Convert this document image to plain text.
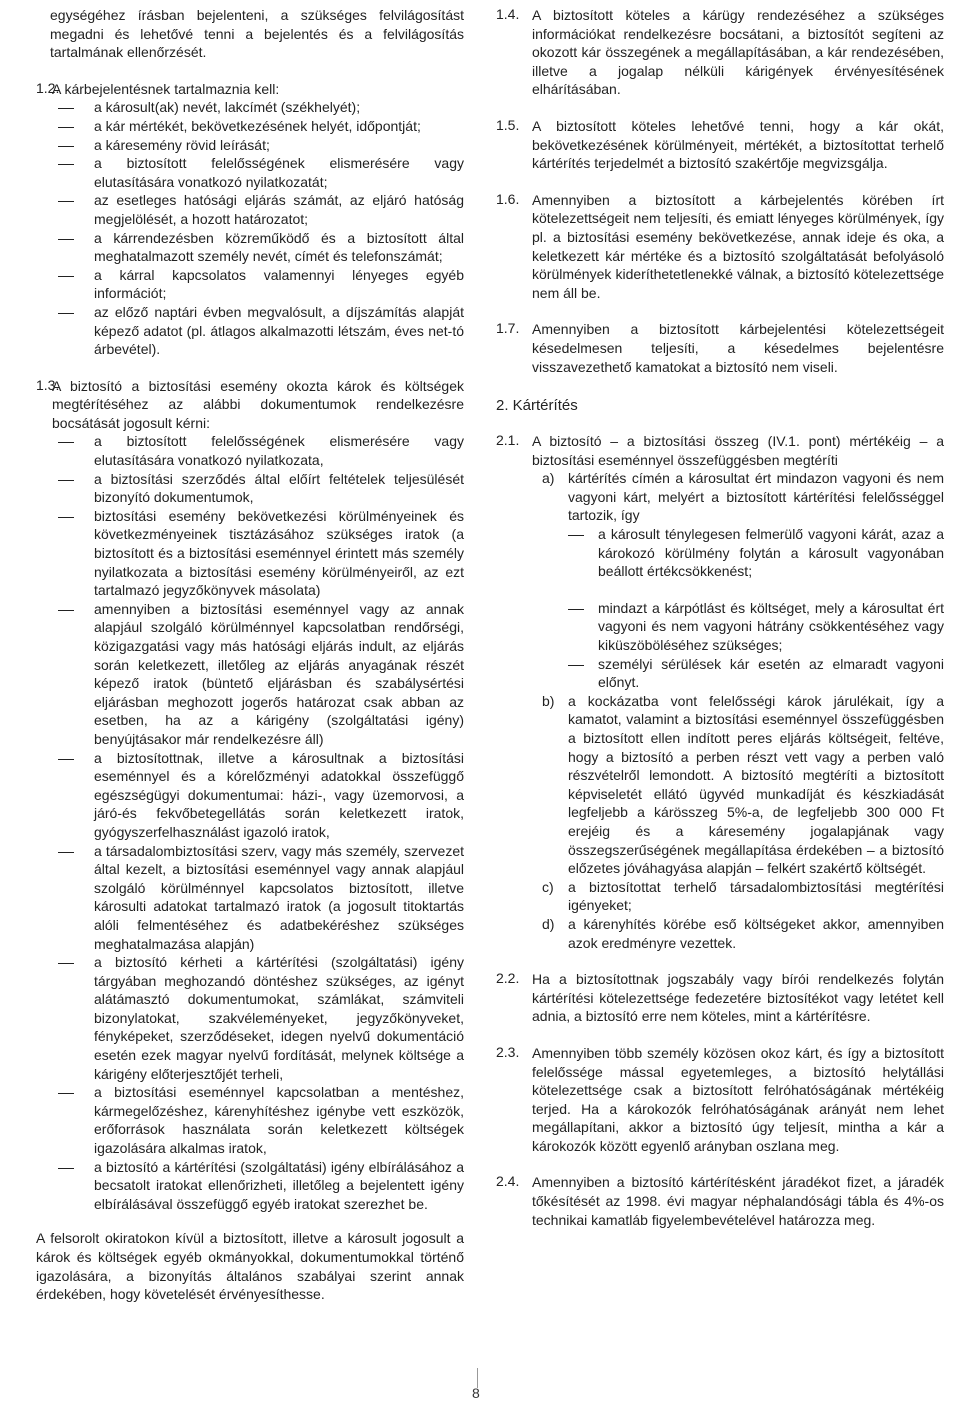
egységéhez írásban bejelenteni, a szükséges felvilágosítást megadni és lehetővé tenni a bejelentés és a felvilágosítás tartalmának ellenőrzését.

1.2.

A kárbejelentésnek tartalmaznia kell:

a károsult(ak) nevét, lakcímét (székhelyét);
a kár mértékét, bekövetkezésének helyét, időpontját;
a káresemény rövid leírását;
a biztosított felelősségének elismerésére vagy elutasítására vonatkozó nyilatkozatát;
az esetleges hatósági eljárás számát, az eljáró hatóság megjelölését, a hozott határozatot;
a kárrendezésben közreműködő és a biztosított által meghatalmazott személy nevét, címét és telefonszámát;
a kárral kapcsolatos valamennyi lényeges egyéb információt;
az előző naptári évben megvalósult, a díjszámítás alapját képező adatot (pl. átlagos alkalmazotti létszám, éves net-tó árbevétel).
1.3.

A biztosító a biztosítási esemény okozta károk és költségek megtérítéséhez az alábbi dokumentumok rendelkezésre bocsátását jogosult kérni:

a biztosított felelősségének elismerésére vagy elutasítására vonatkozó nyilatkozata,
a biztosítási szerződés által előírt feltételek teljesülését bizonyító dokumentumok,
biztosítási esemény bekövetkezési körülményeinek és következményeinek tisztázásához szükséges iratok (a biztosított és a biztosítási eseménnyel érintett más személy nyilatkozata a biztosítási esemény körülményeiről, az ezt tartalmazó jegyzőkönyvek másolata)
amennyiben a biztosítási eseménnyel vagy az annak alapjául szolgáló körülménnyel kapcsolatban rendőrségi, közigazgatási vagy más hatósági eljárás indult, az eljárás során keletkezett, illetőleg az eljárás anyagának részét képező iratok (büntető eljárásban és szabálysértési eljárásban meghozott jogerős határozat csak abban az esetben, ha az a kárigény (szolgáltatási igény) benyújtásakor már rendelkezésre áll)
a biztosítottnak, illetve a károsultnak a biztosítási eseménnyel és a kórelőzményi adatokkal összefüggő egészségügyi dokumentumai: házi-, vagy üzemorvosi, a járó-és fekvőbetegellátás során keletkezett iratok, gyógyszerfelhasználást igazoló iratok,
a társadalombiztosítási szerv, vagy más személy, szervezet által kezelt, a biztosítási eseménnyel vagy annak alapjául szolgáló körülménnyel kapcsolatos biztosított, illetve károsulti adatokat tartalmazó iratok (a jogosult titoktartás alóli felmentéséhez és adatbekéréshez szükséges meghatalmazása alapján)
a biztosító kérheti a kártérítési (szolgáltatási) igény tárgyában meghozandó döntéshez szükséges, az igényt alátámasztó dokumentumokat, számlákat, számviteli bizonylatokat, szakvéleményeket, jegyzőkönyveket, fényképeket, szerződéseket, idegen nyelvű dokumentáció esetén ezek magyar nyelvű fordítását, melynek költsége a kárigény előterjesztőjét terheli,
a biztosítási eseménnyel kapcsolatban a mentéshez, kármegelőzéshez, kárenyhítéshez igénybe vett eszközök, erőforrások használata során keletkezett költségek igazolására alkalmas iratok,
a biztosító a kártérítési (szolgáltatási) igény elbírálásához a becsatolt iratokat ellenőrizheti, illetőleg a bejelentett igény elbírálásával összefüggő egyéb iratokat szerezhet be.

A felsorolt okiratokon kívül a biztosított, illetve a károsult jogosult a károk és költségek egyéb okmányokkal, dokumentumokkal történő igazolására, a bizonyítás általános szabályai szerint annak érdekében, hogy követelését érvényesíthesse.

1.4. A biztosított köteles a kárügy rendezéséhez a szükséges információkat rendelkezésre bocsátani, a biztosítót segíteni az okozott kár összegének a megállapításában, a kár rendezésében, illetve a jogalap nélküli kárigények érvényesítésének elhárításában.

1.5. A biztosított köteles lehetővé tenni, hogy a kár okát, bekövetkezésének körülményeit, mértékét, a biztosítottat terhelő kártérítés terjedelmét a biztosító szakértője megvizsgálja.

1.6. Amennyiben a biztosított a kárbejelentés körében írt kötelezettségeit nem teljesíti, és emiatt lényeges körülmények, így pl. a biztosítási esemény bekövetkezése, annak ideje és oka, a keletkezett kár mértéke és a biztosító szolgáltatását befolyásoló körülmények kideríthetetlenekké válnak, a biztosító kötelezettsége nem áll be.

1.7. Amennyiben a biztosított kárbejelentési kötelezettségeit késedelmesen teljesíti, a késedelmes bejelentésre visszavezethető kamatokat a biztosító nem viseli.

2. Kártérítés

2.1. A biztosító – a biztosítási összeg (IV.1. pont) mértékéig – a biztosítási eseménnyel összefüggésben megtéríti

a) kártérítés címén a károsultat ért mindazon vagyoni és nem vagyoni kárt, melyért a biztosított kártérítési felelősséggel tartozik, így

a károsult ténylegesen felmerülő vagyoni kárát, azaz a károkozó körülmény folytán a károsult vagyonában beállott értékcsökkenést;
mindazt a kárpótlást és költséget, mely a károsultat ért vagyoni és nem vagyoni hátrány csökkentéséhez vagy kiküszöböléséhez szükséges;
személyi sérülések kár esetén az elmaradt vagyoni előnyt.
b) a kockázatba vont felelősségi károk járulékait, így a kamatot, valamint a biztosítási eseménnyel összefüggésben a biztosított ellen indított peres eljárás költségeit, feltéve, hogy a biztosító a perben részt vett vagy a perben való részvételről lemondott. A biztosító megtéríti a biztosított képviseletét ellátó ügyvéd munkadíját és készkiadását legfeljebb a kárösszeg 5%-a, de legfeljebb 300 000 Ft erejéig és a káresemény jogalapjának vagy összegszerűségének megállapítása érdekében – a biztosító előzetes jóváhagyása alapján – felkért szakértő költségét.

c) a biztosítottat terhelő társadalombiztosítási megtérítési igényeket;

d) a kárenyhítés körébe eső költségeket akkor, amennyiben azok eredményre vezettek.

2.2. Ha a biztosítottnak jogszabály vagy bírói rendelkezés folytán kártérítési kötelezettsége fedezetére biztosítékot vagy letétet kell adnia, a biztosító erre nem köteles, mint a kártérítésre.

2.3. Amennyiben több személy közösen okoz kárt, és így a biztosított felelőssége mással egyetemleges, a biztosító helytállási kötelezettsége csak a biztosított felróhatóságának mértékéig terjed. Ha a károkozók felróhatóságának arányát nem lehet megállapítani, akkor a biztosító úgy teljesít, mintha a kár a károkozók között egyenlő arányban oszlana meg.

2.4. Amennyiben a biztosító kártérítésként járadékot fizet, a járadék tőkésítését az 1998. évi magyar néphalandósági tábla és 4%-os technikai kamatláb figyelembevételével határozza meg.

8
